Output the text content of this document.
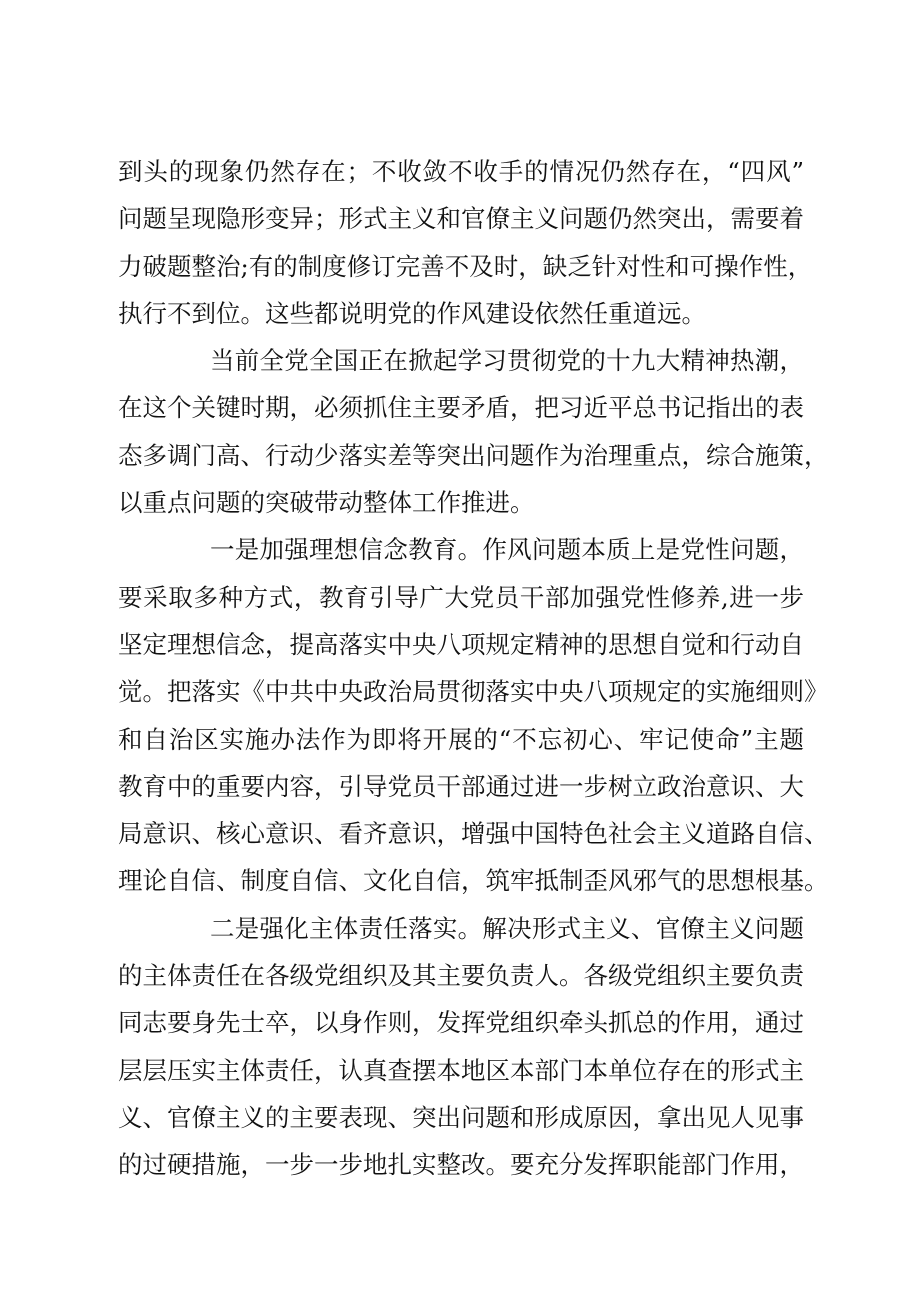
到头的现象仍然存在；不收敛不收手的情况仍然存在，“四风”
问题呈现隐形变异；形式主义和官僚主义问题仍然突出，需要着
力破题整治;有的制度修订完善不及时，缺乏针对性和可操作性，
执行不到位。这些都说明党的作风建设依然任重道远。
当前全党全国正在掀起学习贯彻党的十九大精神热潮，
在这个关键时期，必须抓住主要矛盾，把习近平总书记指出的表
态多调门高、行动少落实差等突出问题作为治理重点，综合施策，
以重点问题的突破带动整体工作推进。
一是加强理想信念教育。作风问题本质上是党性问题，
要采取多种方式，教育引导广大党员干部加强党性修养,进一步
坚定理想信念，提高落实中央八项规定精神的思想自觉和行动自
觉。把落实《中共中央政治局贯彻落实中央八项规定的实施细则》
和自治区实施办法作为即将开展的“不忘初心、牢记使命”主题
教育中的重要内容，引导党员干部通过进一步树立政治意识、大
局意识、核心意识、看齐意识，增强中国特色社会主义道路自信、
理论自信、制度自信、文化自信，筑牢抵制歪风邪气的思想根基。
二是强化主体责任落实。解决形式主义、官僚主义问题
的主体责任在各级党组织及其主要负责人。各级党组织主要负责
同志要身先士卒，以身作则，发挥党组织牵头抓总的作用，通过
层层压实主体责任，认真查摆本地区本部门本单位存在的形式主
义、官僚主义的主要表现、突出问题和形成原因，拿出见人见事
的过硬措施，一步一步地扎实整改。要充分发挥职能部门作用，
